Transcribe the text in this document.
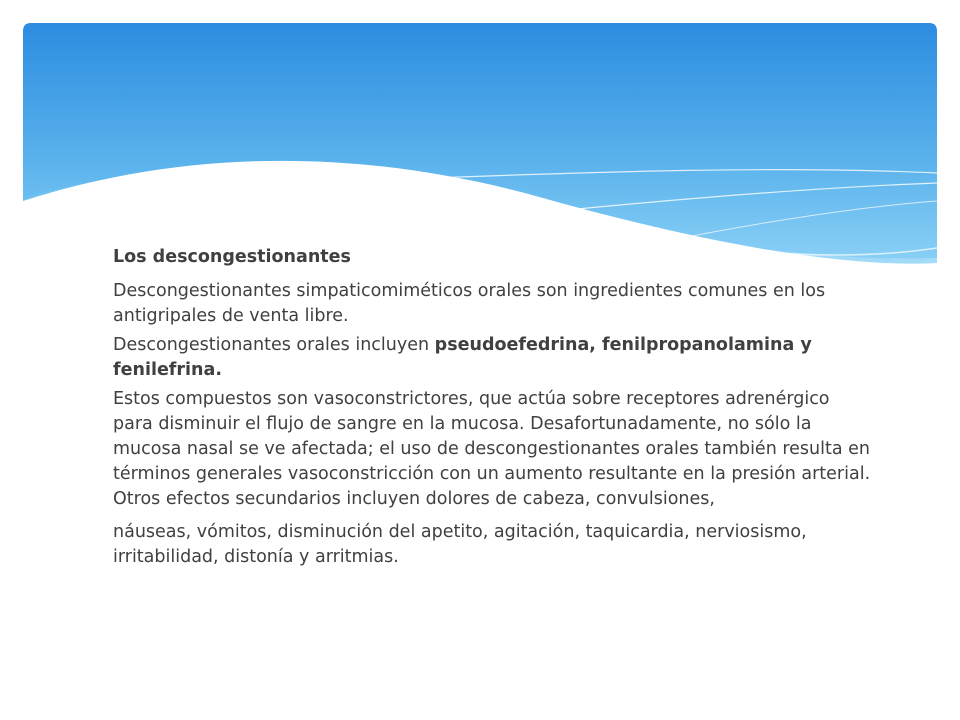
Los descongestionantes

Descongestionantes simpaticomiméticos orales son ingredientes comunes en los antigripales de venta libre.

Descongestionantes orales incluyen pseudoefedrina, fenilpropanolamina y fenilefrina.

Estos compuestos son vasoconstrictores, que actúa sobre receptores adrenérgico para disminuir el flujo de sangre en la mucosa. Desafortunadamente, no sólo la mucosa nasal se ve afectada; el uso de descongestionantes orales también resulta en términos generales vasoconstricción con un aumento resultante en la presión arterial. Otros efectos secundarios incluyen dolores de cabeza, convulsiones,

náuseas, vómitos, disminución del apetito, agitación, taquicardia, nerviosismo, irritabilidad, distonía y arritmias.
